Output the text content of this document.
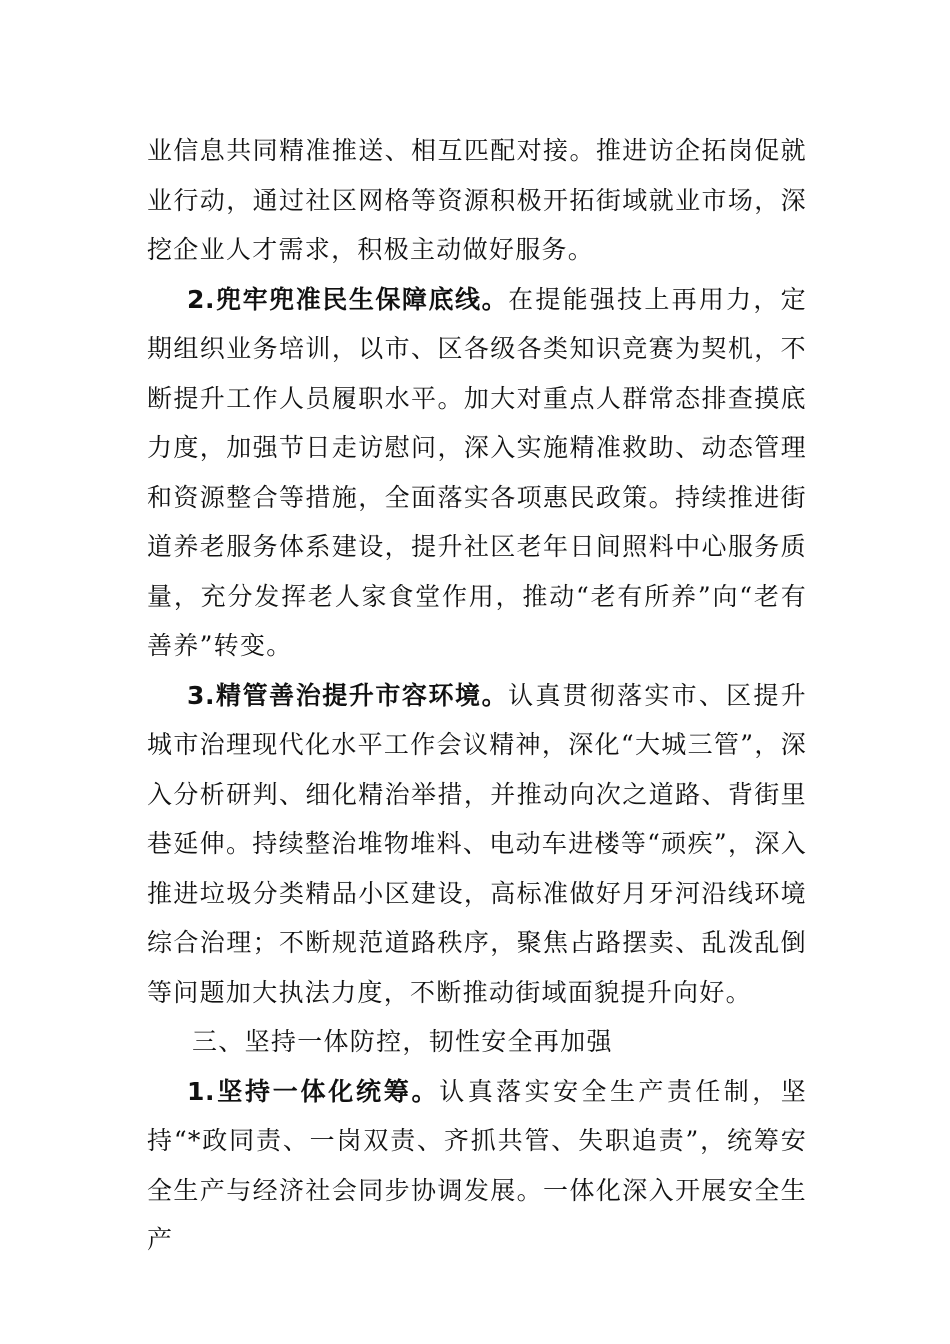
业信息共同精准推送、相互匹配对接。推进访企拓岗促就业行动，通过社区网格等资源积极开拓街域就业市场，深挖企业人才需求，积极主动做好服务。

2.兜牢兜准民生保障底线。在提能强技上再用力，定期组织业务培训，以市、区各级各类知识竞赛为契机，不断提升工作人员履职水平。加大对重点人群常态排查摸底力度，加强节日走访慰问，深入实施精准救助、动态管理和资源整合等措施，全面落实各项惠民政策。持续推进街道养老服务体系建设，提升社区老年日间照料中心服务质量，充分发挥老人家食堂作用，推动“老有所养”向“老有善养”转变。

3.精管善治提升市容环境。认真贯彻落实市、区提升城市治理现代化水平工作会议精神，深化“大城三管”，深入分析研判、细化精治举措，并推动向次之道路、背街里巷延伸。持续整治堆物堆料、电动车进楼等“顽疾”，深入推进垃圾分类精品小区建设，高标准做好月牙河沿线环境综合治理；不断规范道路秩序，聚焦占路摆卖、乱泼乱倒等问题加大执法力度，不断推动街域面貌提升向好。

三、坚持一体防控，韧性安全再加强

1.坚持一体化统筹。认真落实安全生产责任制，坚持“*政同责、一岗双责、齐抓共管、失职追责”，统筹安全生产与经济社会同步协调发展。一体化深入开展安全生产
